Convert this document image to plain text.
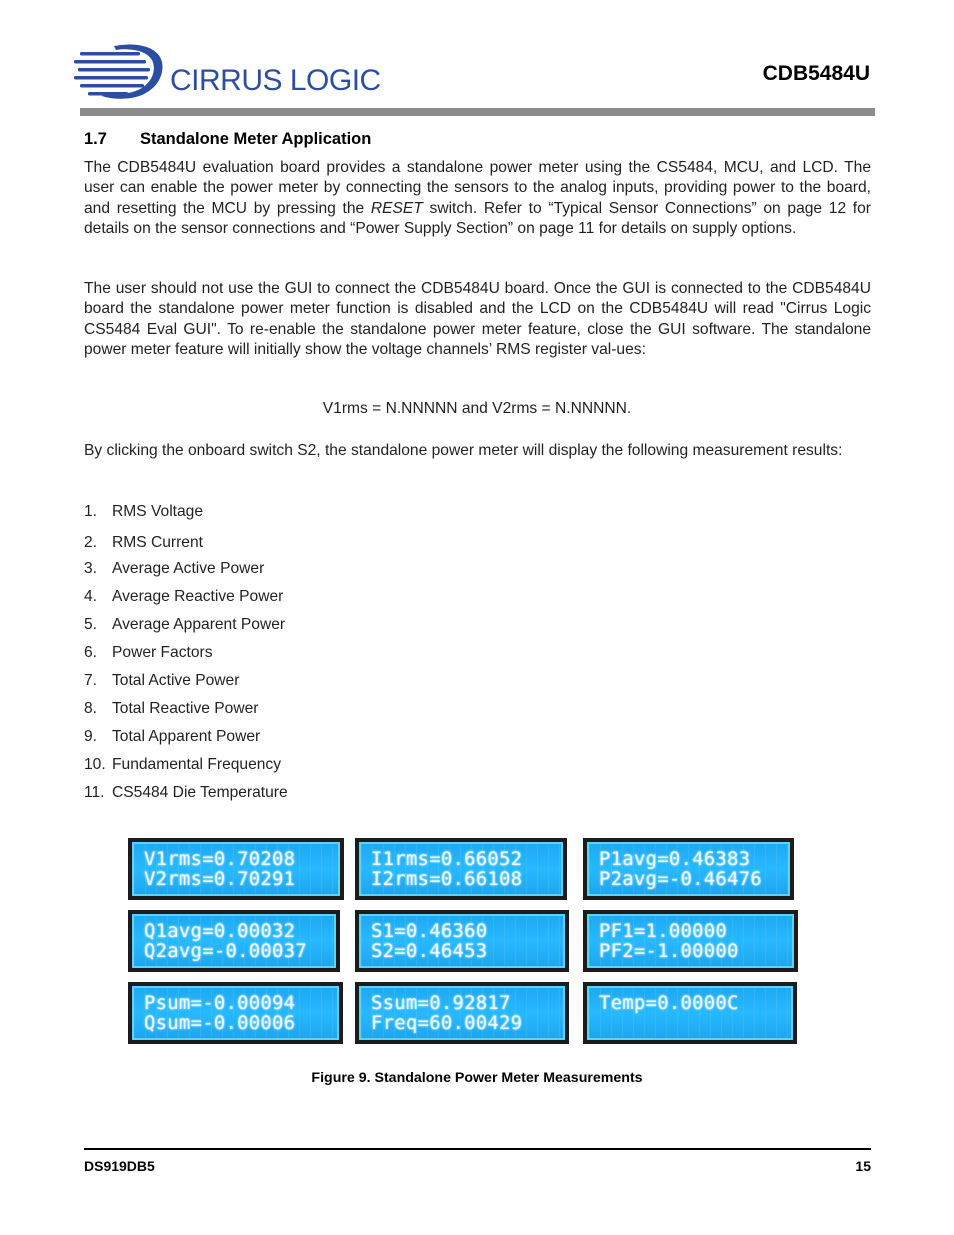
CIRRUS LOGIC	CDB5484U
1.7 Standalone Meter Application

The CDB5484U evaluation board provides a standalone power meter using the CS5484, MCU, and LCD. The user can enable the power meter by connecting the sensors to the analog inputs, providing power to the board, and resetting the MCU by pressing the RESET switch. Refer to “Typical Sensor Connections” on page 12 for details on the sensor connections and “Power Supply Section” on page 11 for details on supply options.

The user should not use the GUI to connect the CDB5484U board. Once the GUI is connected to the CDB5484U board the standalone power meter function is disabled and the LCD on the CDB5484U will read "Cirrus Logic CS5484 Eval GUI". To re-enable the standalone power meter feature, close the GUI software. The standalone power meter feature will initially show the voltage channels’ RMS register val-ues:

V1rms = N.NNNNN and V2rms = N.NNNNN.

By clicking the onboard switch S2, the standalone power meter will display the following measurement results:

1. RMS Voltage
2. RMS Current
3. Average Active Power
4. Average Reactive Power
5. Average Apparent Power
6. Power Factors
7. Total Active Power
8. Total Reactive Power
9. Total Apparent Power
10. Fundamental Frequency
11. CS5484 Die Temperature
V1rms=0.70208
V2rms=0.70291
I1rms=0.66052
I2rms=0.66108
P1avg=0.46383
P2avg=-0.46476
Q1avg=0.00032
Q2avg=-0.00037
S1=0.46360
S2=0.46453
PF1=1.00000
PF2=-1.00000
Psum=-0.00094
Qsum=-0.00006
Ssum=0.92817
Freq=60.00429
Temp=0.0000C
Figure 9. Standalone Power Meter Measurements
DS919DB5	15
